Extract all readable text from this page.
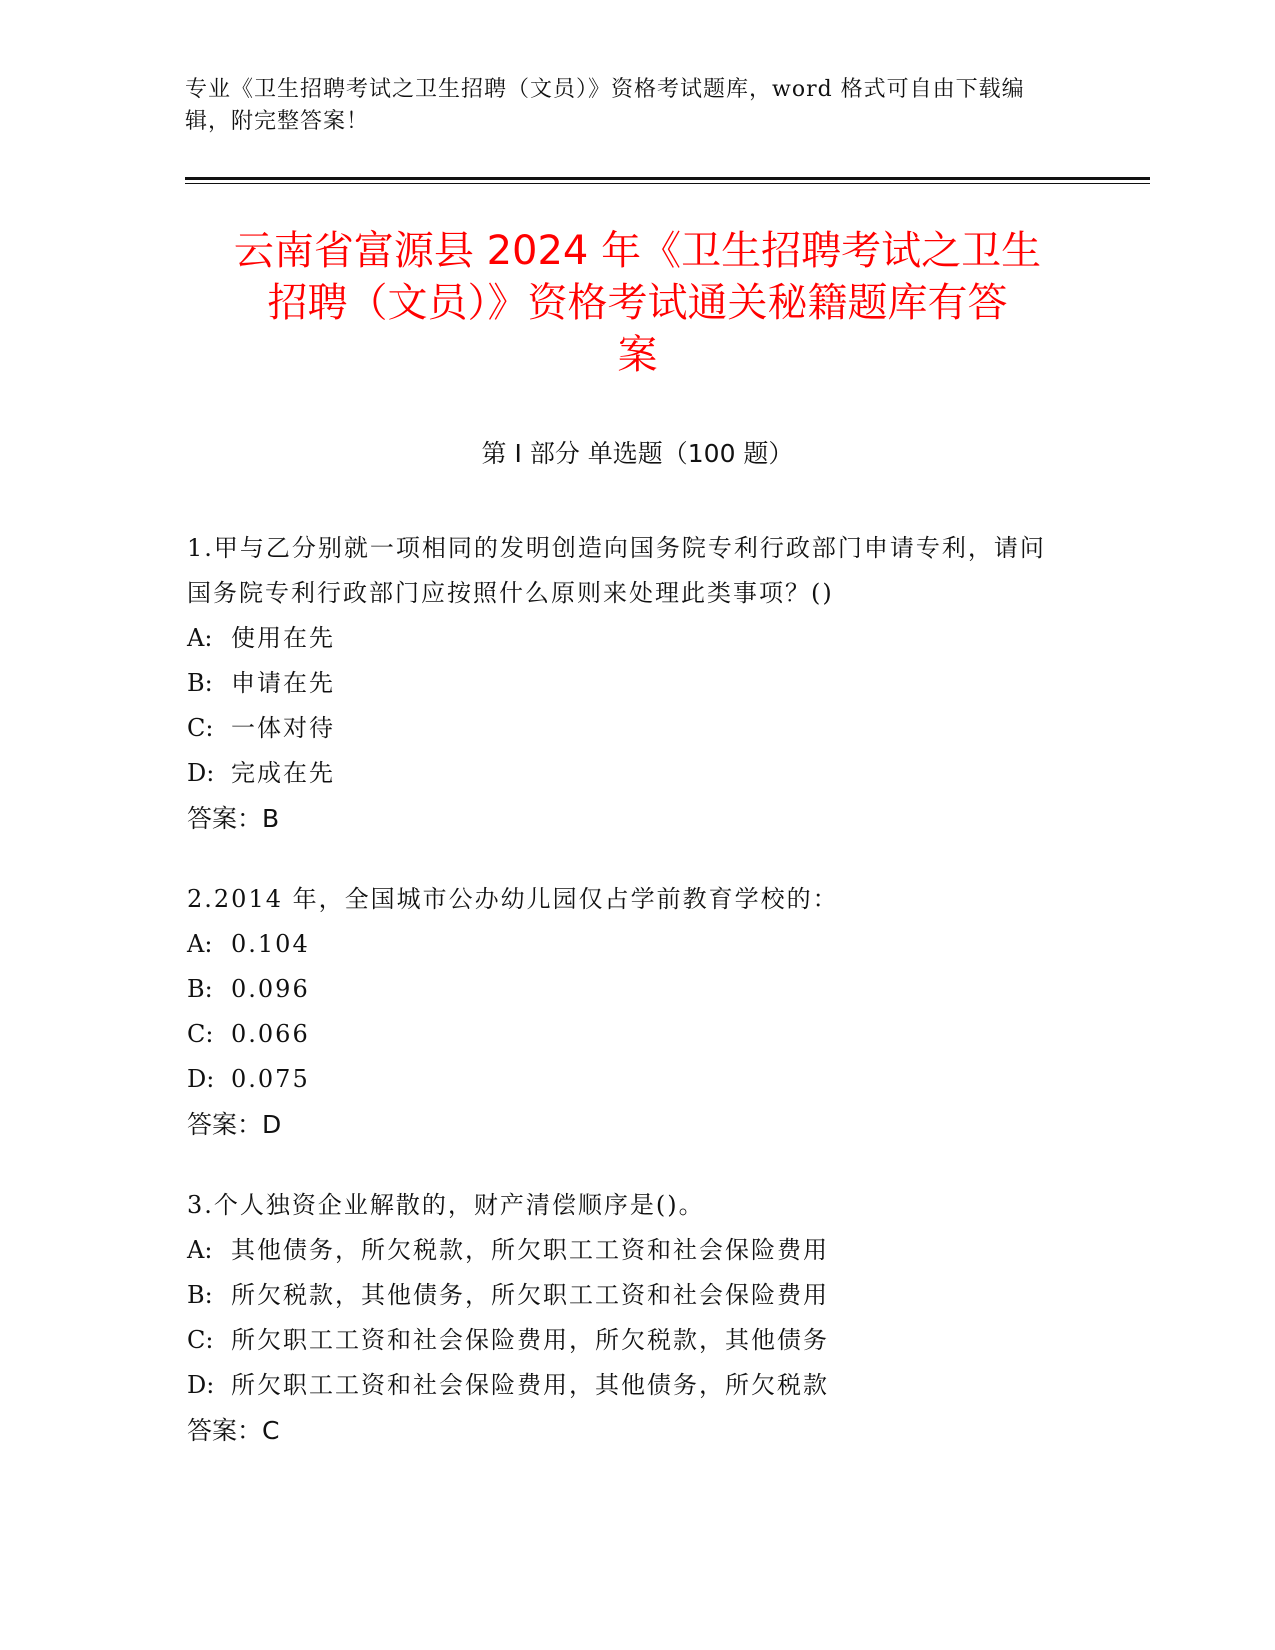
专业《卫生招聘考试之卫生招聘（文员）》资格考试题库，word 格式可自由下载编辑，附完整答案！
云南省富源县 2024 年《卫生招聘考试之卫生
招聘（文员）》资格考试通关秘籍题库有答
案
第 I 部分 单选题（100 题）

1.甲与乙分别就一项相同的发明创造向国务院专利行政部门申请专利，请问国务院专利行政部门应按照什么原则来处理此类事项？()

A: 使用在先

B: 申请在先

C: 一体对待

D: 完成在先

答案：B

2.2014 年，全国城市公办幼儿园仅占学前教育学校的：

A: 0.104

B: 0.096

C: 0.066

D: 0.075

答案：D

3.个人独资企业解散的，财产清偿顺序是()。

A: 其他债务，所欠税款，所欠职工工资和社会保险费用

B: 所欠税款，其他债务，所欠职工工资和社会保险费用

C: 所欠职工工资和社会保险费用，所欠税款，其他债务

D: 所欠职工工资和社会保险费用，其他债务，所欠税款

答案：C
